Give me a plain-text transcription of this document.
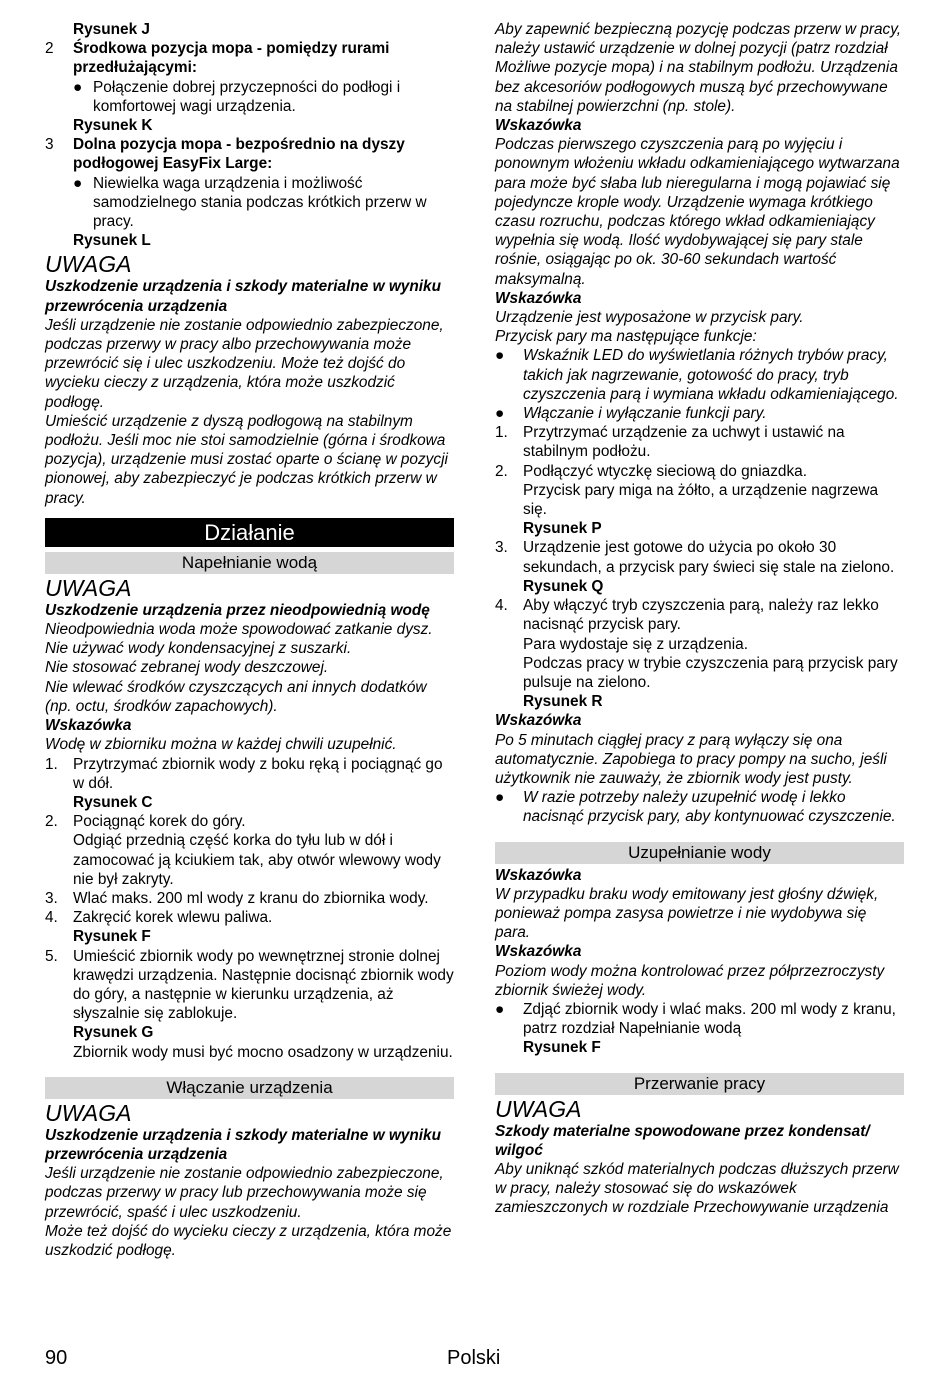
Rysunek J

2	Środkowa pozycja mopa - pomiędzy rurami przedłużającymi:
● Połączenie dobrej przyczepności do podłogi i komfortowej wagi urządzenia.

Rysunek K

3	Dolna pozycja mopa - bezpośrednio na dyszy podłogowej EasyFix Large:
● Niewielka waga urządzenia i możliwość samodzielnego stania podczas krótkich przerw w pracy.

Rysunek L

UWAGA

Uszkodzenie urządzenia i szkody materialne w wyniku przewrócenia urządzenia

Jeśli urządzenie nie zostanie odpowiednio zabezpieczone, podczas przerwy w pracy albo przechowywania może przewrócić się i ulec uszkodzeniu. Może też dojść do wycieku cieczy z urządzenia, która może uszkodzić podłogę.

Umieścić urządzenie z dyszą podłogową na stabilnym podłożu. Jeśli moc nie stoi samodzielnie (górna i środkowa pozycja), urządzenie musi zostać oparte o ścianę w pozycji pionowej, aby zabezpieczyć je podczas krótkich przerw w pracy.

Działanie
Napełnianie wodą

UWAGA

Uszkodzenie urządzenia przez nieodpowiednią wodę

Nieodpowiednia woda może spowodować zatkanie dysz.

Nie używać wody kondensacyjnej z suszarki.

Nie stosować zebranej wody deszczowej.

Nie wlewać środków czyszczących ani innych dodatków (np. octu, środków zapachowych).

Wskazówka

Wodę w zbiorniku można w każdej chwili uzupełnić.

1. Przytrzymać zbiornik wody z boku ręką i pociągnąć go w dół.

Rysunek C

2. Pociągnąć korek do góry.

Odgiąć przednią część korka do tyłu lub w dół i zamocować ją kciukiem tak, aby otwór wlewowy wody nie był zakryty.

3. Wlać maks. 200 ml wody z kranu do zbiornika wody.
4. Zakręcić korek wlewu paliwa.

Rysunek F

5. Umieścić zbiornik wody po wewnętrznej stronie dolnej krawędzi urządzenia. Następnie docisnąć zbiornik wody do góry, a następnie w kierunku urządzenia, aż słyszalnie się zablokuje.

Rysunek G

Zbiornik wody musi być mocno osadzony w urządzeniu.

Włączanie urządzenia

UWAGA

Uszkodzenie urządzenia i szkody materialne w wyniku przewrócenia urządzenia

Jeśli urządzenie nie zostanie odpowiednio zabezpieczone, podczas przerwy w pracy lub przechowywania może się przewrócić, spaść i ulec uszkodzeniu.

Może też dojść do wycieku cieczy z urządzenia, która może uszkodzić podłogę.

Aby zapewnić bezpieczną pozycję podczas przerw w pracy, należy ustawić urządzenie w dolnej pozycji (patrz rozdział Możliwe pozycje mopa) i na stabilnym podłożu. Urządzenia bez akcesoriów podłogowych muszą być przechowywane na stabilnej powierzchni (np. stole).

Wskazówka

Podczas pierwszego czyszczenia parą po wyjęciu i ponownym włożeniu wkładu odkamieniającego wytwarzana para może być słaba lub nieregularna i mogą pojawiać się pojedyncze krople wody. Urządzenie wymaga krótkiego czasu rozruchu, podczas którego wkład odkamieniający wypełnia się wodą. Ilość wydobywającej się pary stale rośnie, osiągając po ok. 30-60 sekundach wartość maksymalną.

Wskazówka

Urządzenie jest wyposażone w przycisk pary.

Przycisk pary ma następujące funkcje:

●	Wskaźnik LED do wyświetlania różnych trybów pracy, takich jak nagrzewanie, gotowość do pracy, tryb czyszczenia parą i wymiana wkładu odkamieniającego.
●	Włączanie i wyłączanie funkcji pary.
1. Przytrzymać urządzenie za uchwyt i ustawić na stabilnym podłożu.
2. Podłączyć wtyczkę sieciową do gniazdka.

Przycisk pary miga na żółto, a urządzenie nagrzewa się.

Rysunek P

3. Urządzenie jest gotowe do użycia po około 30 sekundach, a przycisk pary świeci się stale na zielono.

Rysunek Q

4. Aby włączyć tryb czyszczenia parą, należy raz lekko nacisnąć przycisk pary.

Para wydostaje się z urządzenia.

Podczas pracy w trybie czyszczenia parą przycisk pary pulsuje na zielono.

Rysunek R

Wskazówka

Po 5 minutach ciągłej pracy z parą wyłączy się ona automatycznie. Zapobiega to pracy pompy na sucho, jeśli użytkownik nie zauważy, że zbiornik wody jest pusty.

●	W razie potrzeby należy uzupełnić wodę i lekko nacisnąć przycisk pary, aby kontynuować czyszczenie.
Uzupełnianie wody

Wskazówka

W przypadku braku wody emitowany jest głośny dźwięk, ponieważ pompa zasysa powietrze i nie wydobywa się para.

Wskazówka

Poziom wody można kontrolować przez półprzezroczysty zbiornik świeżej wody.

●	Zdjąć zbiornik wody i wlać maks. 200 ml wody z kranu, patrz rozdział Napełnianie wodą

Rysunek F

Przerwanie pracy

UWAGA

Szkody materialne spowodowane przez kondensat/ wilgoć

Aby uniknąć szkód materialnych podczas dłuższych przerw w pracy, należy stosować się do wskazówek zamieszczonych w rozdziale Przechowywanie urządzenia

90	Polski
